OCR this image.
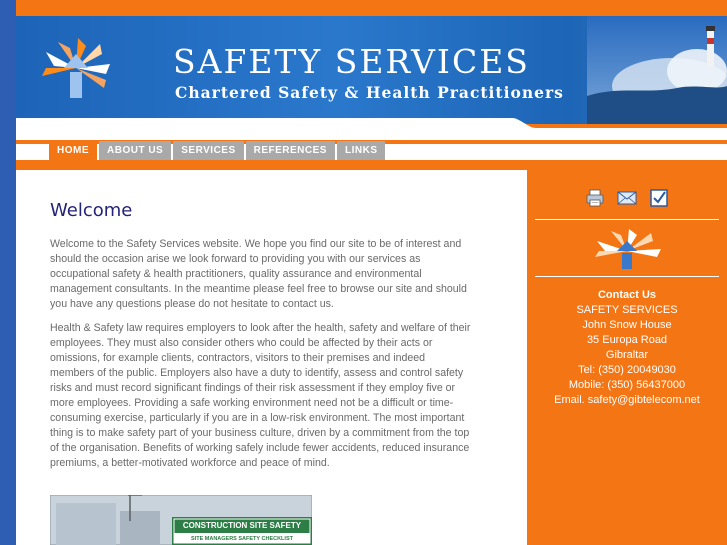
SAFETY SERVICES
Chartered Safety & Health Practitioners
HOME	ABOUT US	SERVICES	REFERENCES	LINKS
Welcome

Welcome to the Safety Services website. We hope you find our site to be of interest and should the occasion arise we look forward to providing you with our services as occupational safety & health practitioners, quality assurance and environmental management consultants. In the meantime please feel free to browse our site and should you have any questions please do not hesitate to contact us.

Health & Safety law requires employers to look after the health, safety and welfare of their employees. They must also consider others who could be affected by their acts or omissions, for example clients, contractors, visitors to their premises and indeed members of the public. Employers also have a duty to identify, assess and control safety risks and must record significant findings of their risk assessment if they employ five or more employees. Providing a safe working environment need not be a difficult or time-consuming exercise, particularly if you are in a low-risk environment. The most important thing is to make safety part of your business culture, driven by a commitment from the top of the organisation. Benefits of working safely include fewer accidents, reduced insurance premiums, a better-motivated workforce and peace of mind.

CONSTRUCTION SITE SAFETY
SITE MANAGERS SAFETY CHECKLIST
Contact Us
SAFETY SERVICES
John Snow House
35 Europa Road
Gibraltar
Tel: (350) 20049030
Mobile: (350) 56437000
Email. safety@gibtelecom.net
